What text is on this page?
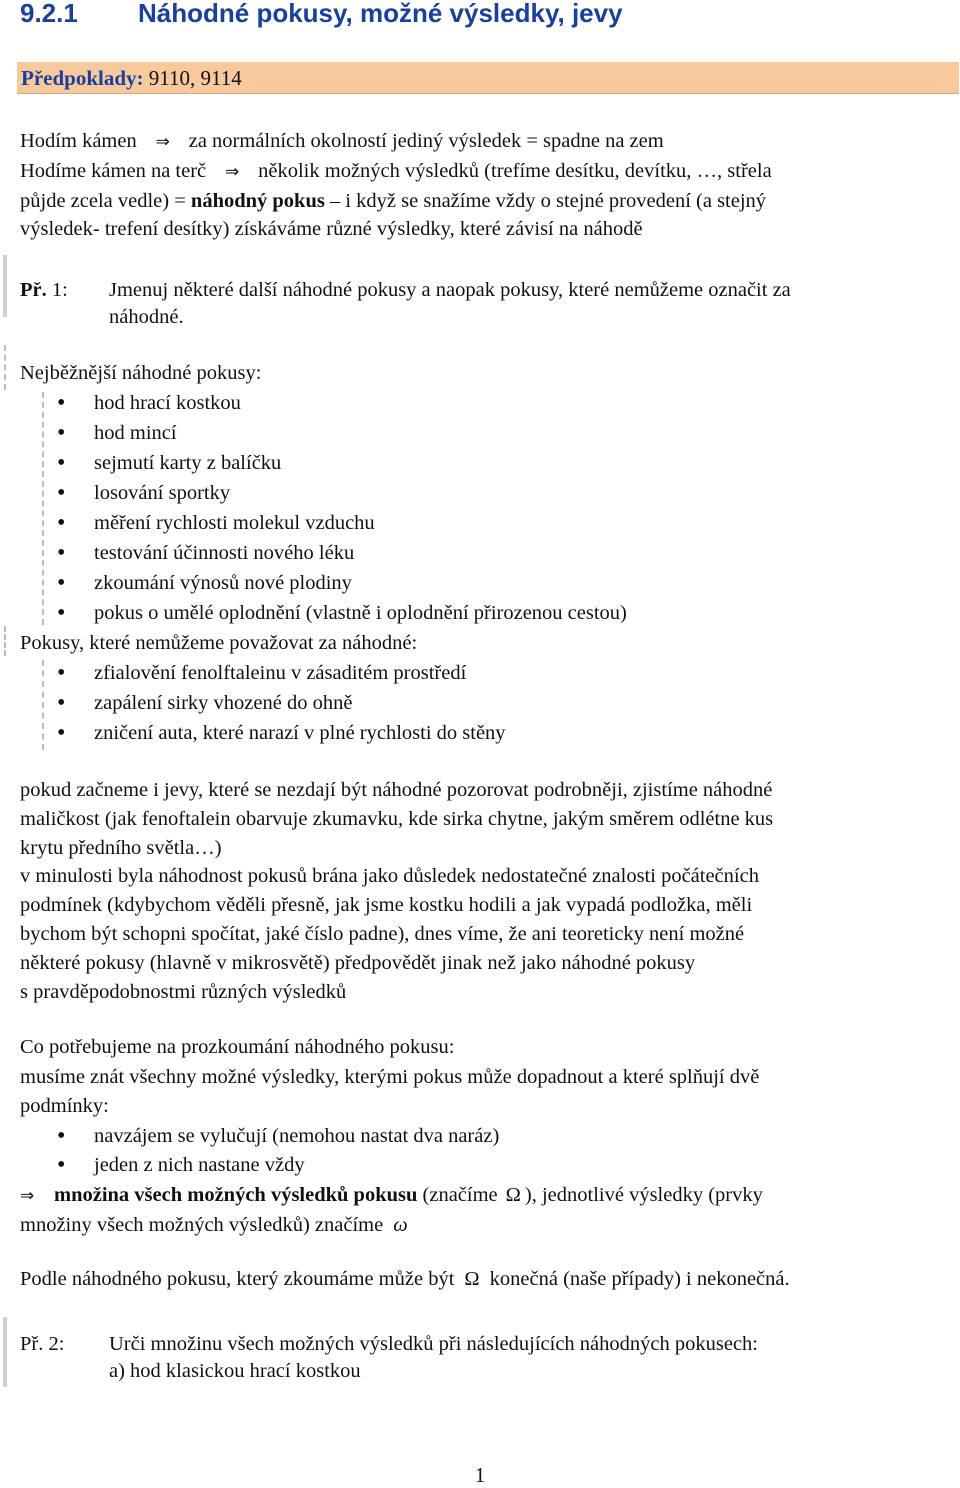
9.2.1 Náhodné pokusy, možné výsledky, jevy
Předpoklady: 9110, 9114

Hodím kámen ⇒ za normálních okolností jediný výsledek = spadne na zem

Hodíme kámen na terč ⇒ několik možných výsledků (trefíme desítku, devítku, …, střela

půjde zcela vedle) = náhodný pokus – i když se snažíme vždy o stejné provedení (a stejný

výsledek- trefení desítky) získáváme různé výsledky, které závisí na náhodě

Př. 1: Jmenuj některé další náhodné pokusy a naopak pokusy, které nemůžeme označit za
náhodné.

Nejběžnější náhodné pokusy:

• hod hrací kostkou
• hod mincí
• sejmutí karty z balíčku
• losování sportky
• měření rychlosti molekul vzduchu
• testování účinnosti nového léku
• zkoumání výnosů nové plodiny
• pokus o umělé oplodnění (vlastně i oplodnění přirozenou cestou)

Pokusy, které nemůžeme považovat za náhodné:

• zfialovění fenolftaleinu v zásaditém prostředí
• zapálení sirky vhozené do ohně
• zničení auta, které narazí v plné rychlosti do stěny

pokud začneme i jevy, které se nezdají být náhodné pozorovat podrobněji, zjistíme náhodné

maličkost (jak fenoftalein obarvuje zkumavku, kde sirka chytne, jakým směrem odlétne kus

krytu předního světla…)

v minulosti byla náhodnost pokusů brána jako důsledek nedostatečné znalosti počátečních

podmínek (kdybychom věděli přesně, jak jsme kostku hodili a jak vypadá podložka, měli

bychom být schopni spočítat, jaké číslo padne), dnes víme, že ani teoreticky není možné

některé pokusy (hlavně v mikrosvětě) předpovědět jinak než jako náhodné pokusy

s pravděpodobnostmi různých výsledků

Co potřebujeme na prozkoumání náhodného pokusu:

musíme znát všechny možné výsledky, kterými pokus může dopadnout a které splňují dvě

podmínky:

• navzájem se vylučují (nemohou nastat dva naráz)
• jeden z nich nastane vždy

⇒ množina všech možných výsledků pokusu (značíme Ω ), jednotlivé výsledky (prvky

množiny všech možných výsledků) značíme ω

Podle náhodného pokusu, který zkoumáme může být Ω konečná (naše případy) i nekonečná.

Př. 2: Urči množinu všech možných výsledků při následujících náhodných pokusech:
a) hod klasickou hrací kostkou
1
